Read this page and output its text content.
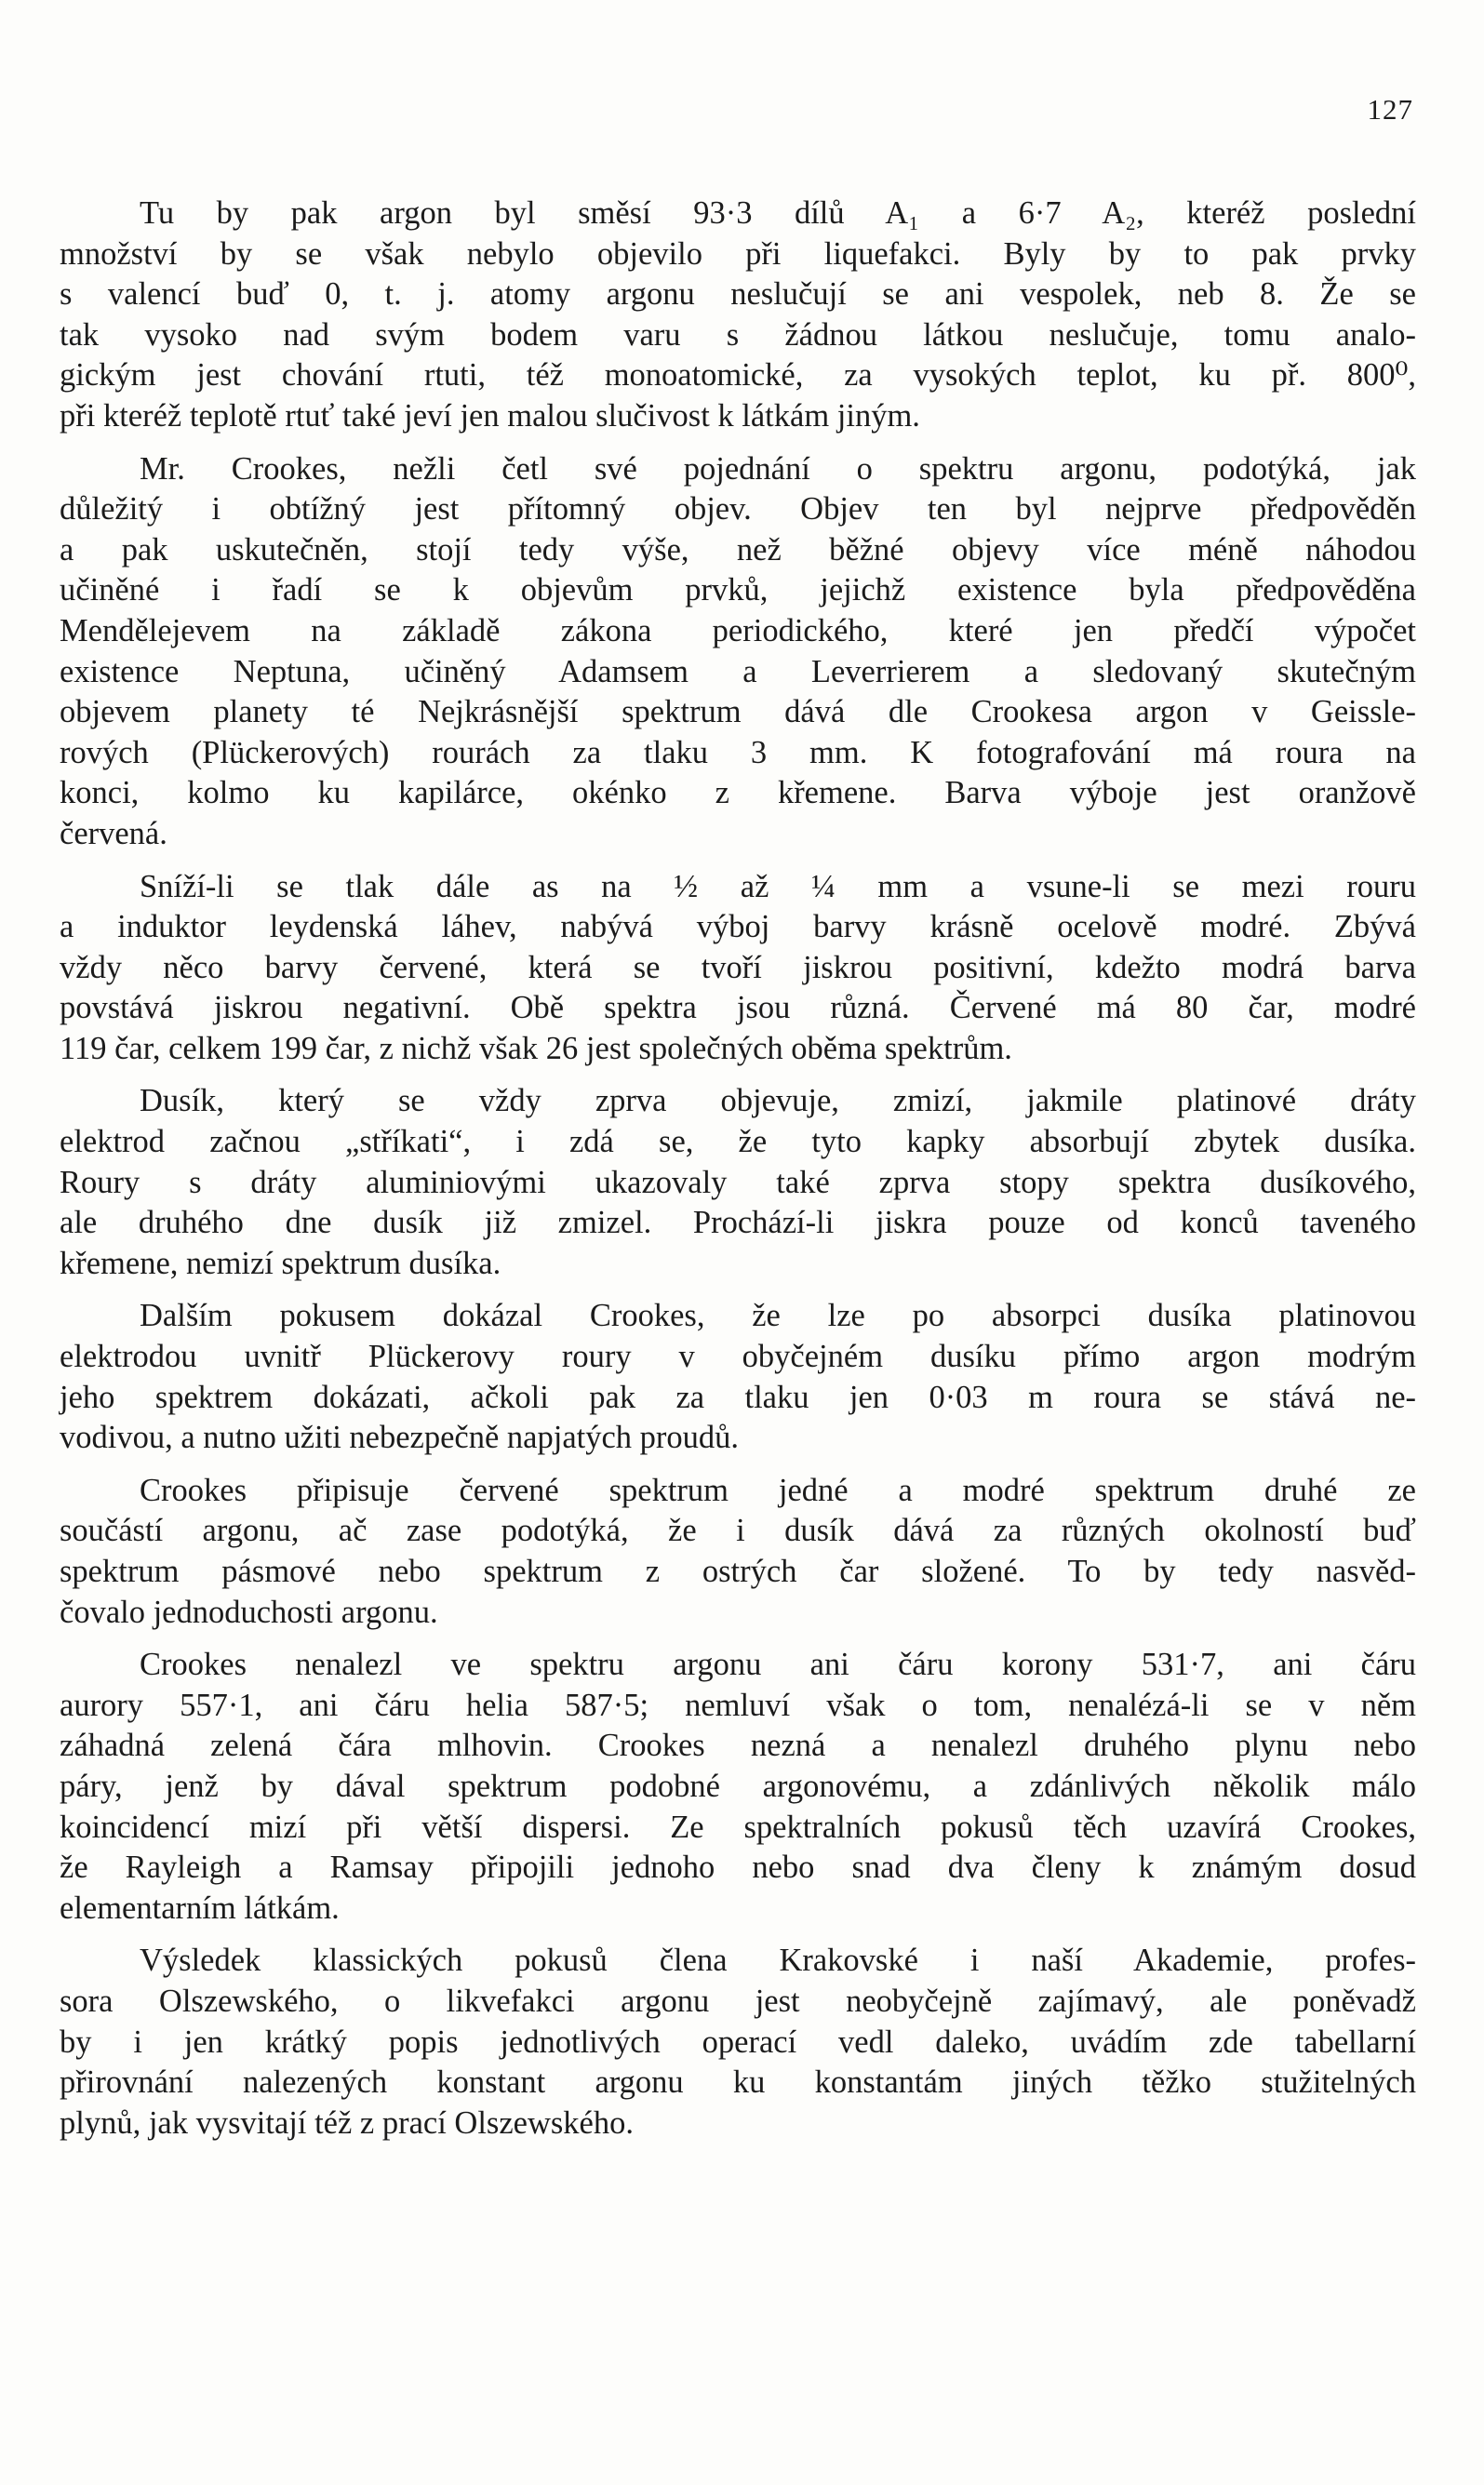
127
Tu by pak argon byl směsí 93·3 dílů A₁ a 6·7 A₂, kteréž poslední
množství by se však nebylo objevilo při liquefakci. Byly by to pak prvky
s valencí buď 0, t. j. atomy argonu neslučují se ani vespolek, neb 8. Že se
tak vysoko nad svým bodem varu s žádnou látkou neslučuje, tomu analo-
gickým jest chování rtuti, též monoatomické, za vysokých teplot, ku př. 800⁰,
při kteréž teplotě rtuť také jeví jen malou slučivost k látkám jiným.
Mr. Crookes, nežli četl své pojednání o spektru argonu, podotýká, jak
důležitý i obtížný jest přítomný objev. Objev ten byl nejprve předpověděn
a pak uskutečněn, stojí tedy výše, než běžné objevy více méně náhodou
učiněné i řadí se k objevům prvků, jejichž existence byla předpověděna
Mendělejevem na základě zákona periodického, které jen předčí výpočet
existence Neptuna, učiněný Adamsem a Leverrierem a sledovaný skutečným
objevem planety té Nejkrásnější spektrum dává dle Crookesa argon v Geissle-
rových (Plückerových) rourách za tlaku 3 mm. K fotografování má roura na
konci, kolmo ku kapilárce, okénko z křemene. Barva výboje jest oranžově
červená.
Sníží-li se tlak dále as na ½ až ¼ mm a vsune-li se mezi rouru
a induktor leydenská láhev, nabývá výboj barvy krásně ocelově modré. Zbývá
vždy něco barvy červené, která se tvoří jiskrou positivní, kdežto modrá barva
povstává jiskrou negativní. Obě spektra jsou různá. Červené má 80 čar, modré
119 čar, celkem 199 čar, z nichž však 26 jest společných oběma spektrům.
Dusík, který se vždy zprva objevuje, zmizí, jakmile platinové dráty
elektrod začnou „stříkati“, i zdá se, že tyto kapky absorbují zbytek dusíka.
Roury s dráty aluminiovými ukazovaly také zprva stopy spektra dusíkového,
ale druhého dne dusík již zmizel. Prochází-li jiskra pouze od konců taveného
křemene, nemizí spektrum dusíka.
Dalším pokusem dokázal Crookes, že lze po absorpci dusíka platinovou
elektrodou uvnitř Plückerovy roury v obyčejném dusíku přímo argon modrým
jeho spektrem dokázati, ačkoli pak za tlaku jen 0·03 m roura se stává ne-
vodivou, a nutno užiti nebezpečně napjatých proudů.
Crookes připisuje červené spektrum jedné a modré spektrum druhé ze
součástí argonu, ač zase podotýká, že i dusík dává za různých okolností buď
spektrum pásmové nebo spektrum z ostrých čar složené. To by tedy nasvěd-
čovalo jednoduchosti argonu.
Crookes nenalezl ve spektru argonu ani čáru korony 531·7, ani čáru
aurory 557·1, ani čáru helia 587·5; nemluví však o tom, nenalézá-li se v něm
záhadná zelená čára mlhovin. Crookes nezná a nenalezl druhého plynu nebo
páry, jenž by dával spektrum podobné argonovému, a zdánlivých několik málo
koincidencí mizí při větší dispersi. Ze spektralních pokusů těch uzavírá Crookes,
že Rayleigh a Ramsay připojili jednoho nebo snad dva členy k známým dosud
elementarním látkám.
Výsledek klassických pokusů člena Krakovské i naší Akademie, profes-
sora Olszewského, o likvefakci argonu jest neobyčejně zajímavý, ale poněvadž
by i jen krátký popis jednotlivých operací vedl daleko, uvádím zde tabellarní
přirovnání nalezených konstant argonu ku konstantám jiných těžko stužitelných
plynů, jak vysvitají též z prací Olszewského.
